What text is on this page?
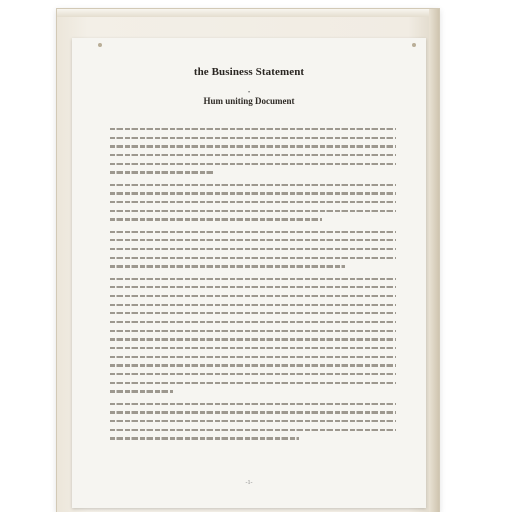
the Business Statement
•
Hum uniting Document
-1-
